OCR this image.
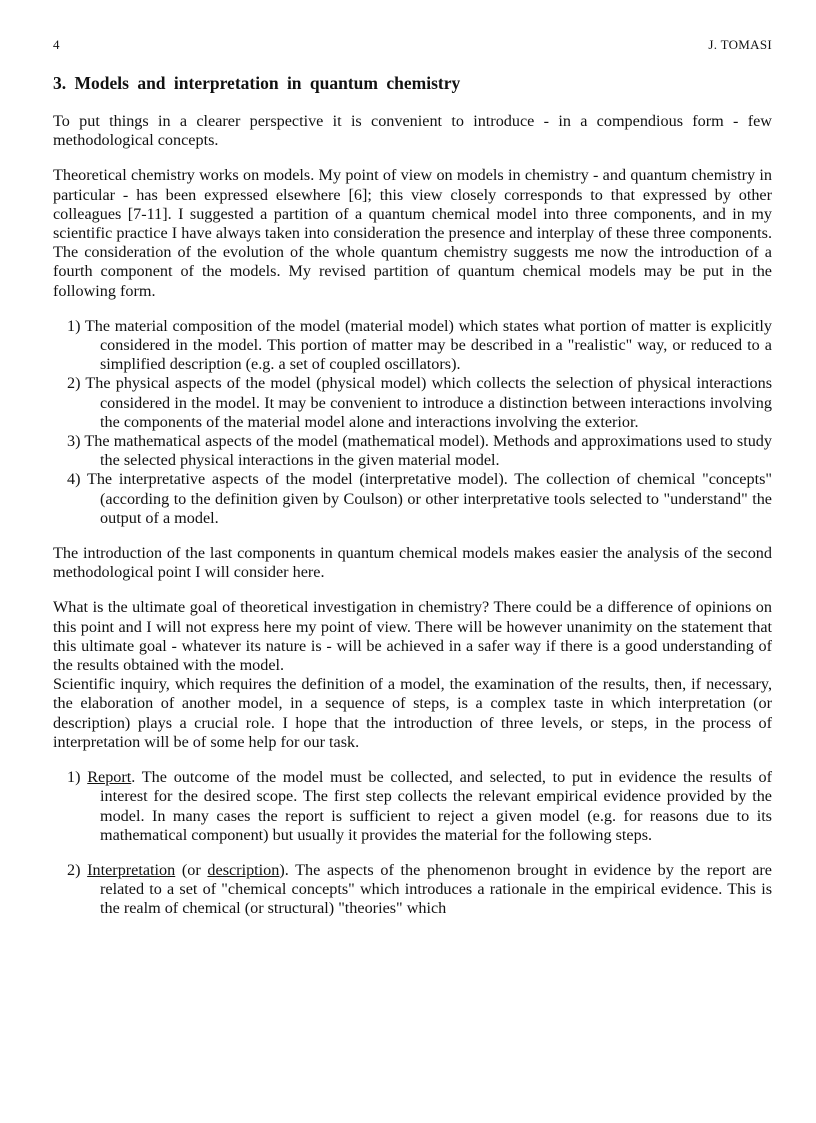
4	J. TOMASI
3. Models and interpretation in quantum chemistry

To put things in a clearer perspective it is convenient to introduce - in a compendious form - few methodological concepts.

Theoretical chemistry works on models. My point of view on models in chemistry - and quantum chemistry in particular - has been expressed elsewhere [6]; this view closely corresponds to that expressed by other colleagues [7-11]. I suggested a partition of a quantum chemical model into three components, and in my scientific practice I have always taken into consideration the presence and interplay of these three components. The consideration of the evolution of the whole quantum chemistry suggests me now the introduction of a fourth component of the models. My revised partition of quantum chemical models may be put in the following form.

1) The material composition of the model (material model) which states what portion of matter is explicitly considered in the model. This portion of matter may be described in a "realistic" way, or reduced to a simplified description (e.g. a set of coupled oscillators).
2) The physical aspects of the model (physical model) which collects the selection of physical interactions considered in the model. It may be convenient to introduce a distinction between interactions involving the components of the material model alone and interactions involving the exterior.
3) The mathematical aspects of the model (mathematical model). Methods and approximations used to study the selected physical interactions in the given material model.
4) The interpretative aspects of the model (interpretative model). The collection of chemical "concepts" (according to the definition given by Coulson) or other interpretative tools selected to "understand" the output of a model.

The introduction of the last components in quantum chemical models makes easier the analysis of the second methodological point I will consider here.

What is the ultimate goal of theoretical investigation in chemistry? There could be a difference of opinions on this point and I will not express here my point of view. There will be however unanimity on the statement that this ultimate goal - whatever its nature is - will be achieved in a safer way if there is a good understanding of the results obtained with the model.

Scientific inquiry, which requires the definition of a model, the examination of the results, then, if necessary, the elaboration of another model, in a sequence of steps, is a complex taste in which interpretation (or description) plays a crucial role. I hope that the introduction of three levels, or steps, in the process of interpretation will be of some help for our task.

1) Report. The outcome of the model must be collected, and selected, to put in evidence the results of interest for the desired scope. The first step collects the relevant empirical evidence provided by the model. In many cases the report is sufficient to reject a given model (e.g. for reasons due to its mathematical component) but usually it provides the material for the following steps.
2) Interpretation (or description). The aspects of the phenomenon brought in evidence by the report are related to a set of "chemical concepts" which introduces a rationale in the empirical evidence. This is the realm of chemical (or structural) "theories" which
